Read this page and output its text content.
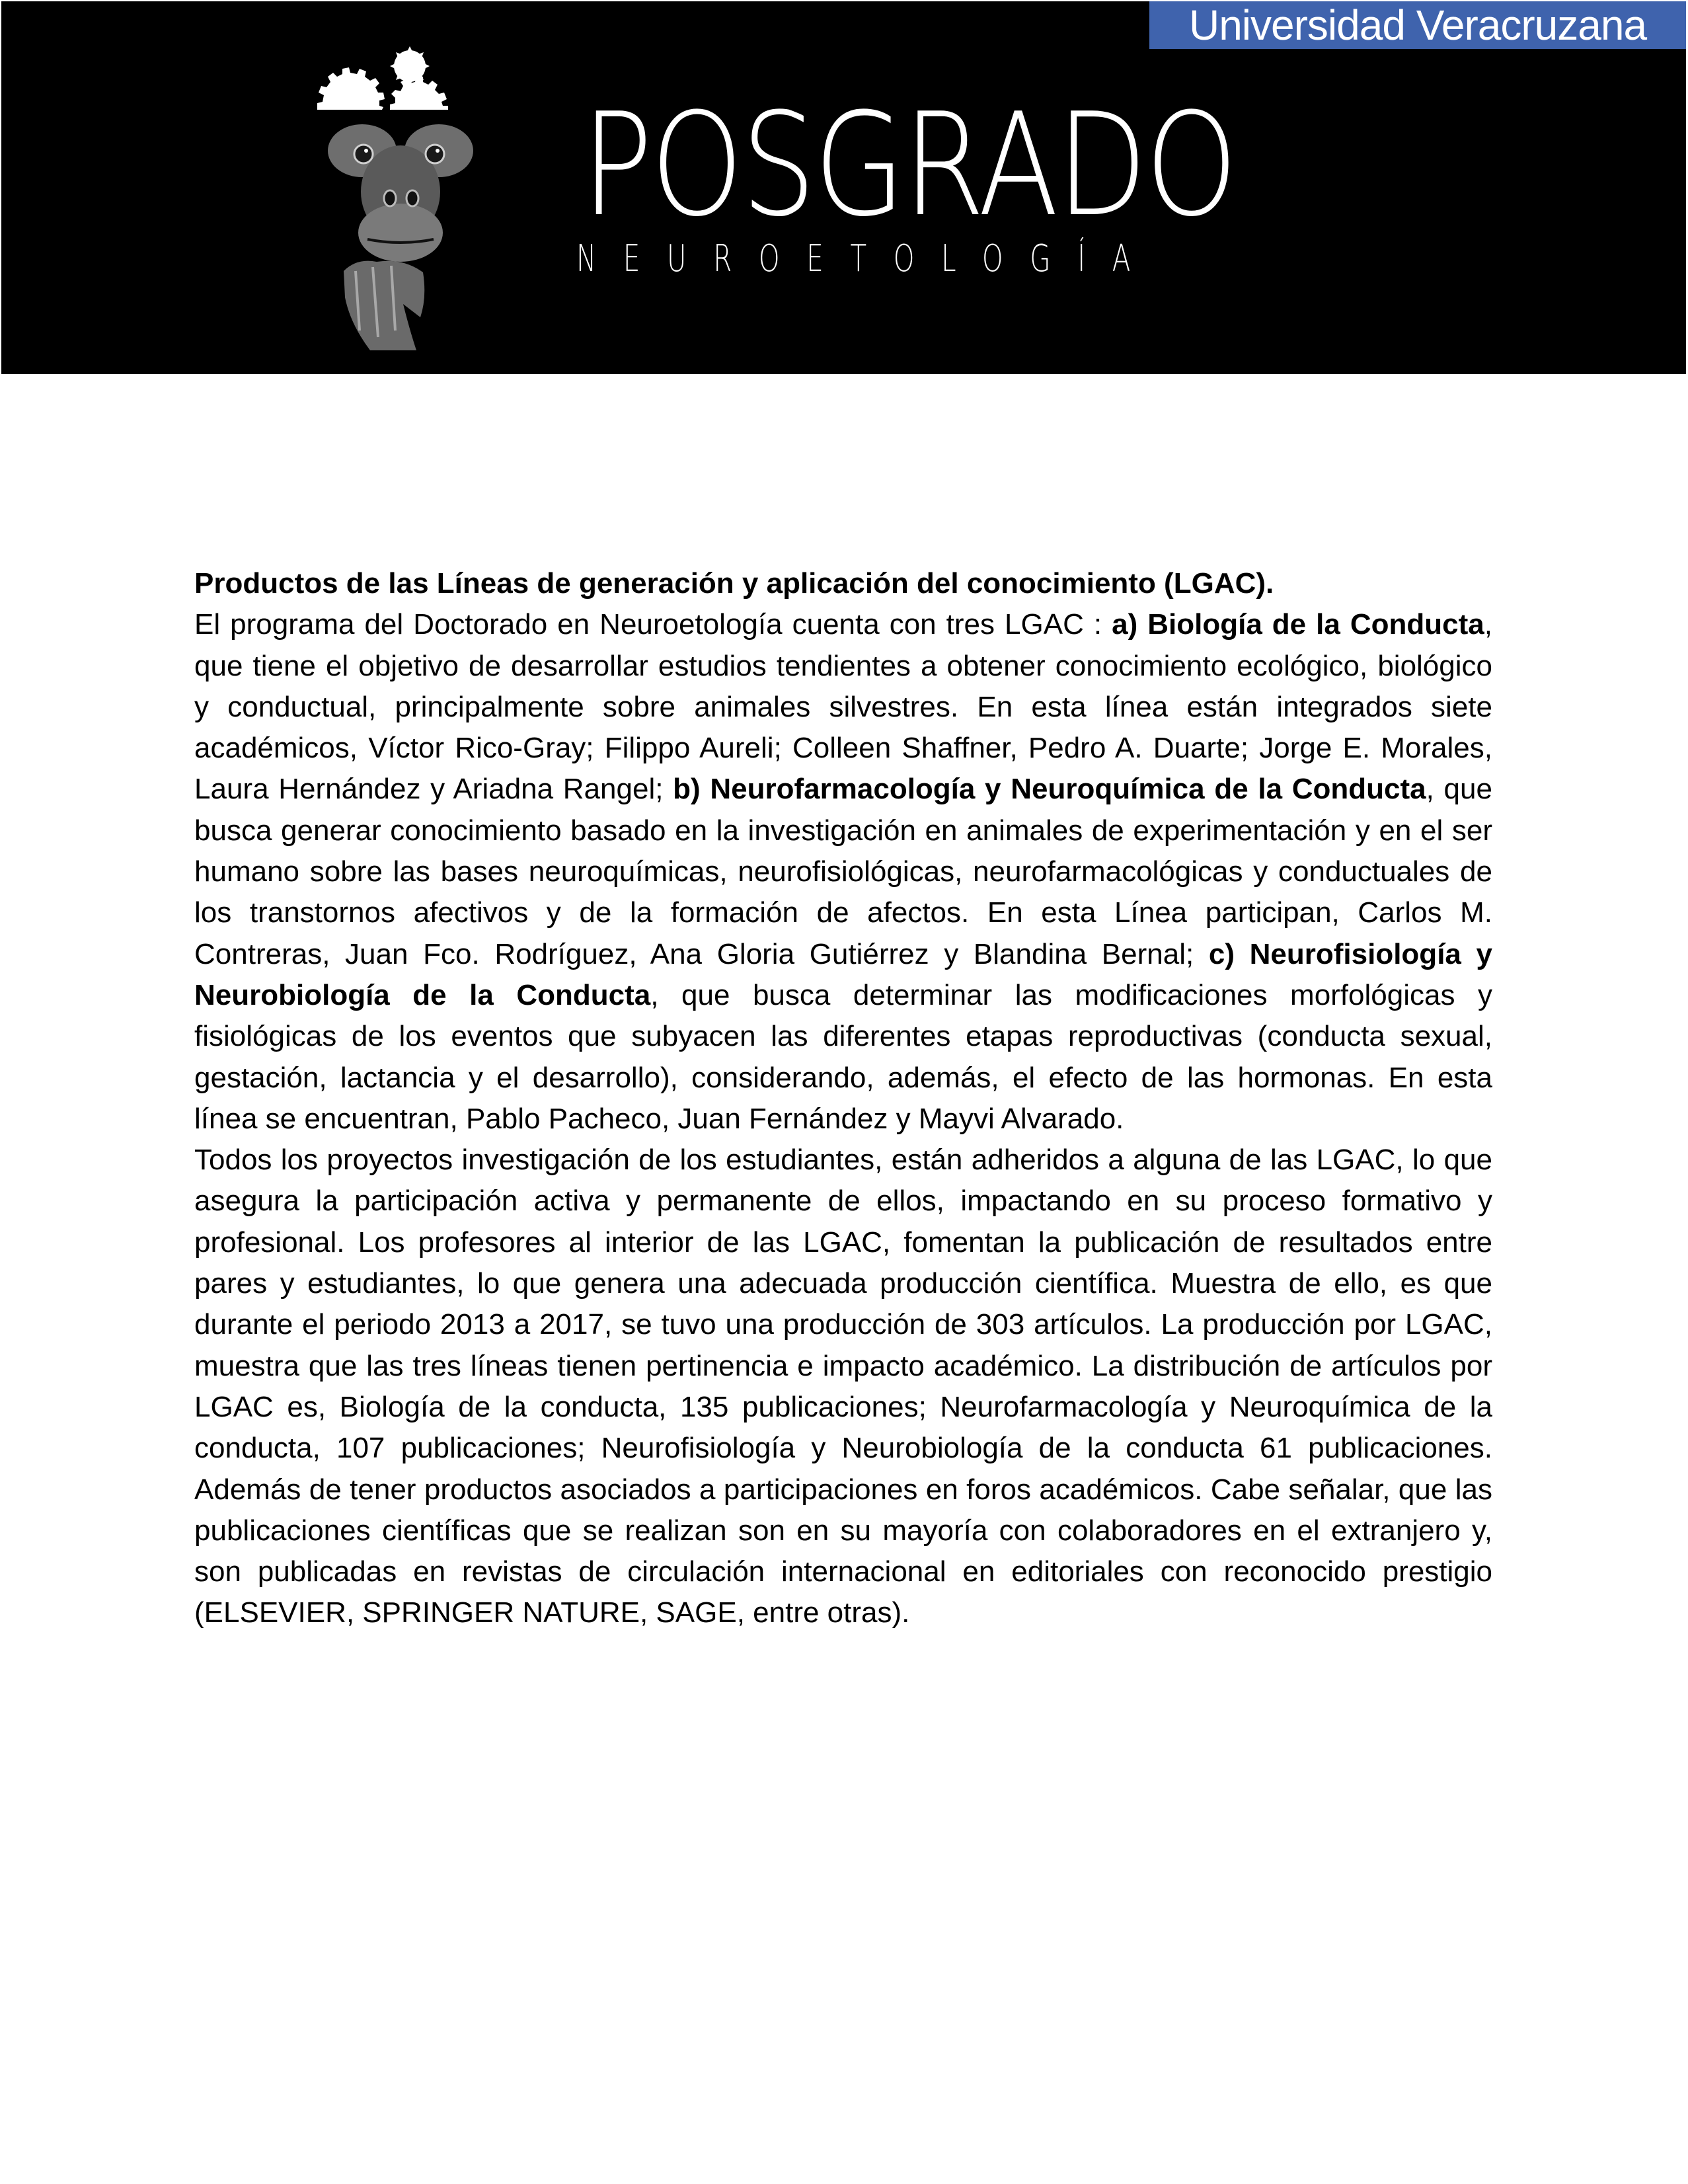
Universidad Veracruzana
POSGRADO
NEUROETOLOGÍA

Productos de las Líneas de generación y aplicación del conocimiento (LGAC).

El programa del Doctorado en Neuroetología cuenta con tres LGAC : a) Biología de la Conducta, que tiene el objetivo de desarrollar estudios tendientes a obtener conocimiento ecológico, biológico y conductual, principalmente sobre animales silvestres. En esta línea están integrados siete académicos, Víctor Rico-Gray; Filippo Aureli; Colleen Shaffner, Pedro A. Duarte; Jorge E. Morales, Laura Hernández y Ariadna Rangel; b) Neurofarmacología y Neuroquímica de la Conducta, que busca generar conocimiento basado en la investigación en animales de experimentación y en el ser humano sobre las bases neuroquímicas, neurofisiológicas, neurofarmacológicas y conductuales de los transtornos afectivos y de la formación de afectos. En esta Línea participan, Carlos M. Contreras, Juan Fco. Rodríguez, Ana Gloria Gutiérrez y Blandina Bernal; c) Neurofisiología y Neurobiología de la Conducta, que busca determinar las modificaciones morfológicas y fisiológicas de los eventos que subyacen las diferentes etapas reproductivas (conducta sexual, gestación, lactancia y el desarrollo), considerando, además, el efecto de las hormonas. En esta línea se encuentran, Pablo Pacheco, Juan Fernández y Mayvi Alvarado.

Todos los proyectos investigación de los estudiantes, están adheridos a alguna de las LGAC, lo que asegura la participación activa y permanente de ellos, impactando en su proceso formativo y profesional. Los profesores al interior de las LGAC, fomentan la publicación de resultados entre pares y estudiantes, lo que genera una adecuada producción científica. Muestra de ello, es que durante el periodo 2013 a 2017, se tuvo una producción de 303 artículos. La producción por LGAC, muestra que las tres líneas tienen pertinencia e impacto académico. La distribución de artículos por LGAC es, Biología de la conducta, 135 publicaciones; Neurofarmacología y Neuroquímica de la conducta, 107 publicaciones; Neurofisiología y Neurobiología de la conducta 61 publicaciones. Además de tener productos asociados a participaciones en foros académicos. Cabe señalar, que las publicaciones científicas que se realizan son en su mayoría con colaboradores en el extranjero y, son publicadas en revistas de circulación internacional en editoriales con reconocido prestigio (ELSEVIER, SPRINGER NATURE, SAGE, entre otras).
